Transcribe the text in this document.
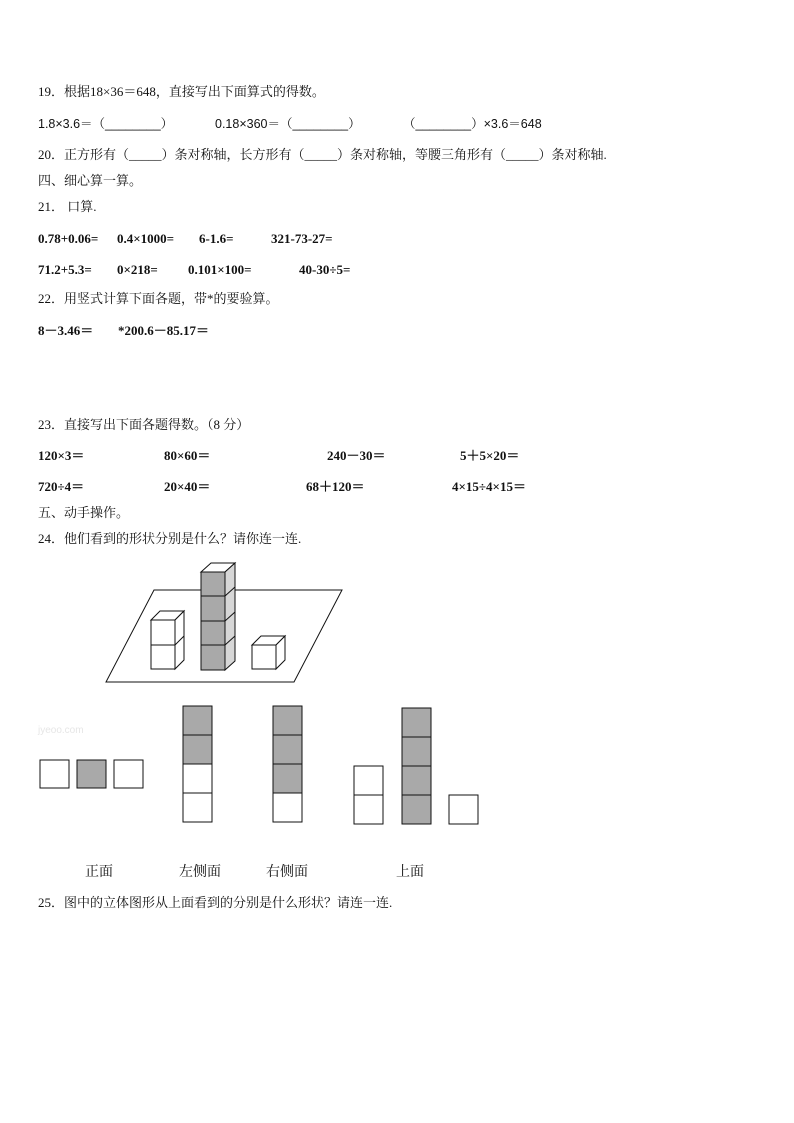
19．根据18×36＝648，直接写出下面算式的得数。
1.8×3.6＝（________）	0.18×360＝（________）	（________）×3.6＝648
20．正方形有（_____）条对称轴，长方形有（_____）条对称轴，等腰三角形有（_____）条对称轴.
四、细心算一算。
21． 口算.
0.78+0.06= 0.4×1000= 6-1.6=	321-73-27=
71.2+5.3= 0×218= 0.101×100=	40-30÷5=
22．用竖式计算下面各题，带*的要验算。
8－3.46＝ *200.6－85.17＝
23．直接写出下面各题得数。（8 分）
120×3＝	80×60＝	240－30＝	5＋5×20＝
720÷4＝	20×40＝	68＋120＝	4×15÷4×15＝
五、动手操作。
24．他们看到的形状分别是什么？请你连一连.
jyeoo.com
正面	左侧面	右侧面	上面
25．图中的立体图形从上面看到的分别是什么形状？请连一连.
